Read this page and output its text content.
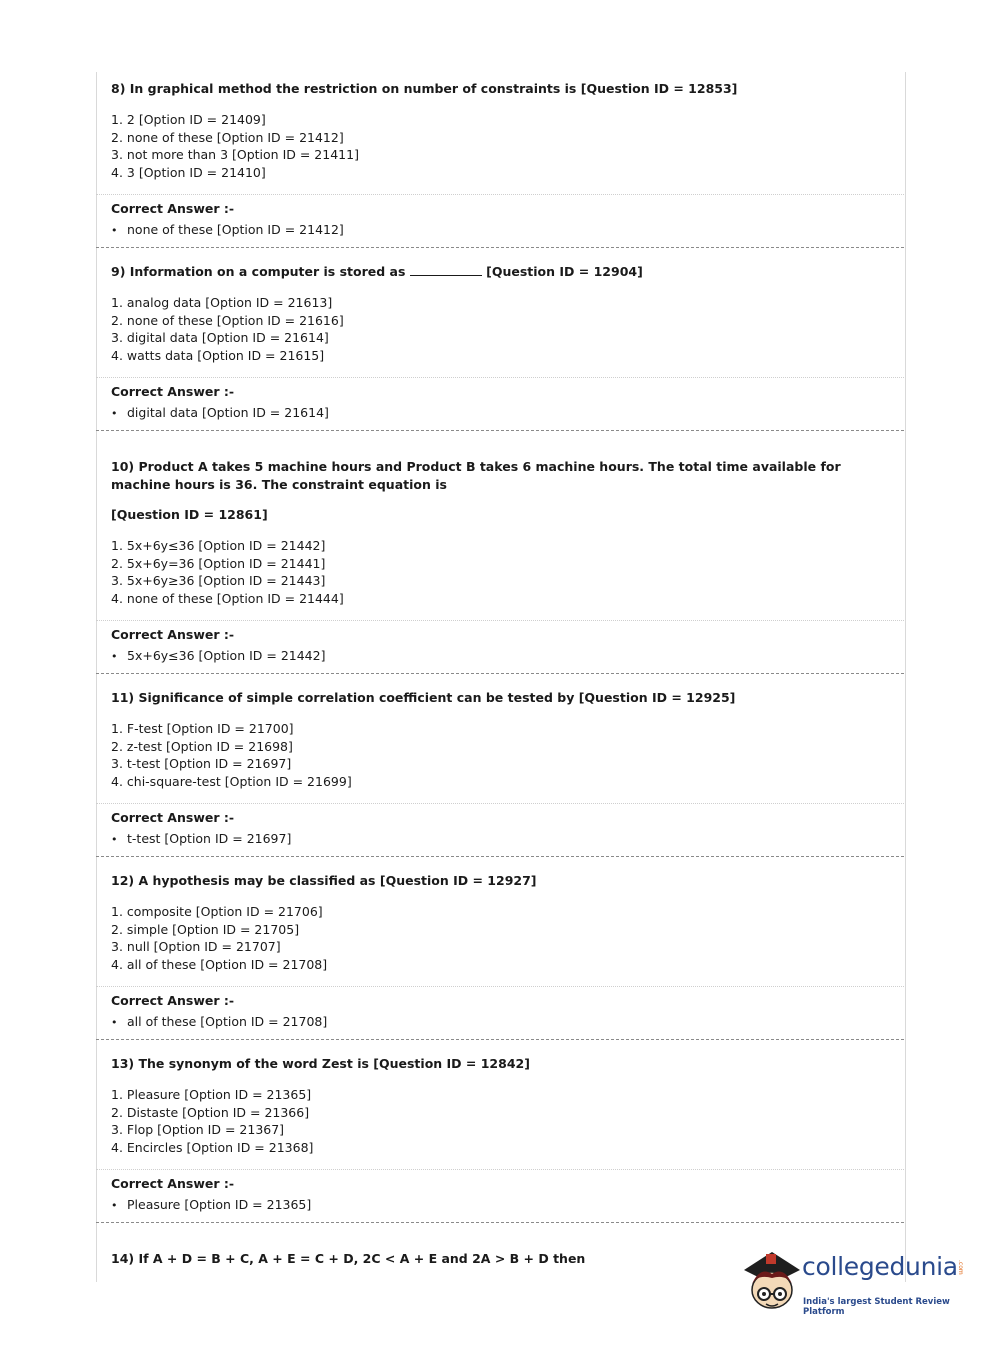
8) In graphical method the restriction on number of constraints is [Question ID = 12853]
1. 2 [Option ID = 21409]
2. none of these [Option ID = 21412]
3. not more than 3 [Option ID = 21411]
4. 3 [Option ID = 21410]
Correct Answer :-
• none of these [Option ID = 21412]
9) Information on a computer is stored as	[Question ID = 12904]
1. analog data [Option ID = 21613]
2. none of these [Option ID = 21616]
3. digital data [Option ID = 21614]
4. watts data [Option ID = 21615]
Correct Answer :-
• digital data [Option ID = 21614]
10) Product A takes 5 machine hours and Product B takes 6 machine hours. The total time available for machine hours is 36. The constraint equation is
[Question ID = 12861]
1. 5x+6y≤36 [Option ID = 21442]
2. 5x+6y=36 [Option ID = 21441]
3. 5x+6y≥36 [Option ID = 21443]
4. none of these [Option ID = 21444]
Correct Answer :-
• 5x+6y≤36 [Option ID = 21442]
11) Significance of simple correlation coefficient can be tested by [Question ID = 12925]
1. F-test [Option ID = 21700]
2. z-test [Option ID = 21698]
3. t-test [Option ID = 21697]
4. chi-square-test [Option ID = 21699]
Correct Answer :-
• t-test [Option ID = 21697]
12) A hypothesis may be classified as [Question ID = 12927]
1. composite [Option ID = 21706]
2. simple [Option ID = 21705]
3. null [Option ID = 21707]
4. all of these [Option ID = 21708]
Correct Answer :-
• all of these [Option ID = 21708]
13) The synonym of the word Zest is [Question ID = 12842]
1. Pleasure [Option ID = 21365]
2. Distaste [Option ID = 21366]
3. Flop [Option ID = 21367]
4. Encircles [Option ID = 21368]
Correct Answer :-
• Pleasure [Option ID = 21365]
14) If A + D = B + C, A + E = C + D, 2C < A + E and 2A > B + D then	collegedunia .com
India's largest Student Review Platform
